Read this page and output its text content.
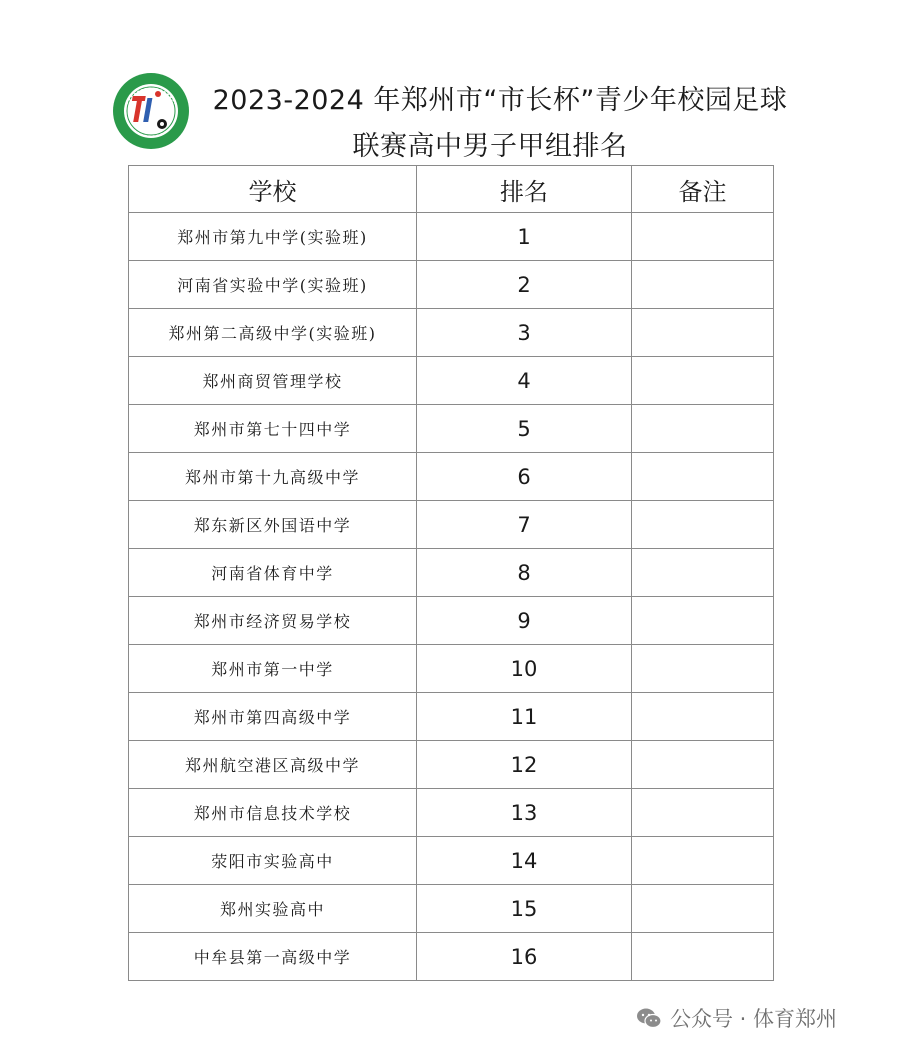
2023-2024 年郑州市“市长杯”青少年校园足球
联赛高中男子甲组排名
学校	排名	备注
郑州市第九中学(实验班)	1	
河南省实验中学(实验班)	2	
郑州第二高级中学(实验班)	3	
郑州商贸管理学校	4	
郑州市第七十四中学	5	
郑州市第十九高级中学	6	
郑东新区外国语中学	7	
河南省体育中学	8	
郑州市经济贸易学校	9	
郑州市第一中学	10	
郑州市第四高级中学	11	
郑州航空港区高级中学	12	
郑州市信息技术学校	13	
荥阳市实验高中	14	
郑州实验高中	15	
中牟县第一高级中学	16	
公众号 · 体育郑州
